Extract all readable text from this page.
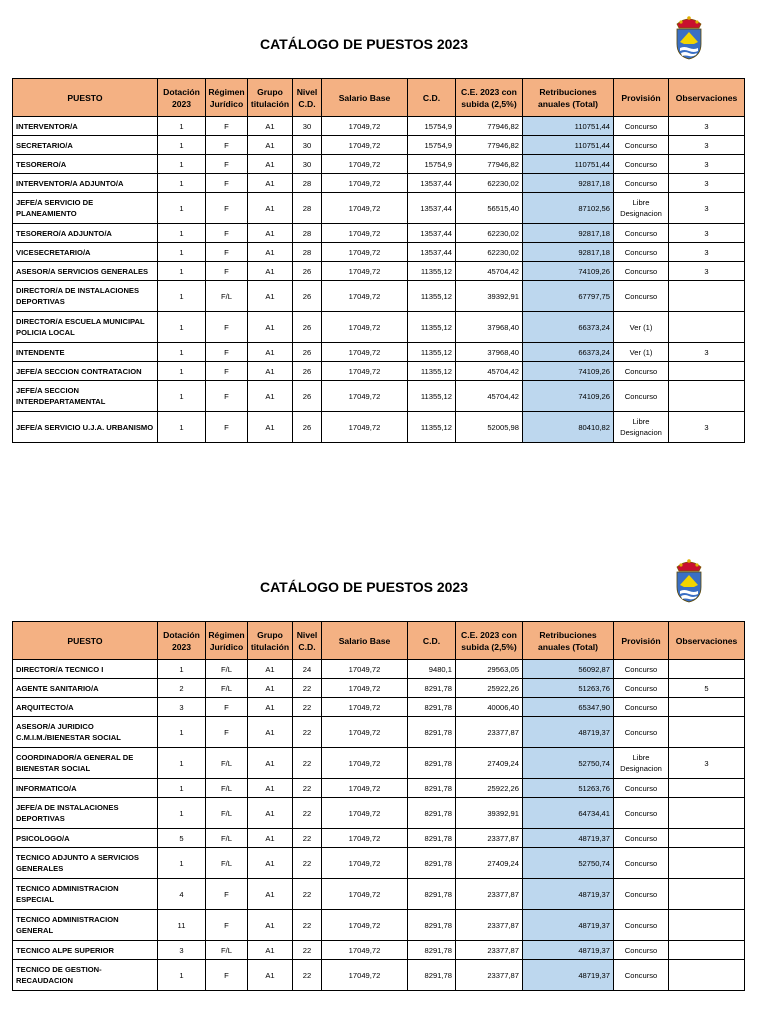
CATÁLOGO DE PUESTOS 2023
PUESTO	Dotación 2023	Régimen Jurídico	Grupo titulación	Nivel C.D.	Salario Base	C.D.	C.E. 2023 con subida (2,5%)	Retribuciones anuales (Total)	Provisión	Observaciones

INTERVENTOR/A	1	F	A1	30	17049,72	15754,9	77946,82	110751,44	Concurso	3

SECRETARIO/A	1	F	A1	30	17049,72	15754,9	77946,82	110751,44	Concurso	3

TESORERO/A	1	F	A1	30	17049,72	15754,9	77946,82	110751,44	Concurso	3

INTERVENTOR/A ADJUNTO/A	1	F	A1	28	17049,72	13537,44	62230,02	92817,18	Concurso	3

JEFE/A SERVICIO DE
PLANEAMIENTO	1	F	A1	28	17049,72	13537,44	56515,40	87102,56	Libre
Designacion	3

TESORERO/A ADJUNTO/A	1	F	A1	28	17049,72	13537,44	62230,02	92817,18	Concurso	3

VICESECRETARIO/A	1	F	A1	28	17049,72	13537,44	62230,02	92817,18	Concurso	3

ASESOR/A SERVICIOS GENERALES	1	F	A1	26	17049,72	11355,12	45704,42	74109,26	Concurso	3

DIRECTOR/A DE INSTALACIONES
DEPORTIVAS	1	F/L	A1	26	17049,72	11355,12	39392,91	67797,75	Concurso	

DIRECTOR/A ESCUELA MUNICIPAL
POLICIA LOCAL	1	F	A1	26	17049,72	11355,12	37968,40	66373,24	Ver (1)	

INTENDENTE	1	F	A1	26	17049,72	11355,12	37968,40	66373,24	Ver (1)	3

JEFE/A SECCION CONTRATACION	1	F	A1	26	17049,72	11355,12	45704,42	74109,26	Concurso	

JEFE/A SECCION
INTERDEPARTAMENTAL	1	F	A1	26	17049,72	11355,12	45704,42	74109,26	Concurso	

JEFE/A SERVICIO U.J.A. URBANISMO	1	F	A1	26	17049,72	11355,12	52005,98	80410,82	Libre
Designacion	3
CATÁLOGO DE PUESTOS 2023
PUESTO	Dotación 2023	Régimen Jurídico	Grupo titulación	Nivel C.D.	Salario Base	C.D.	C.E. 2023 con subida (2,5%)	Retribuciones anuales (Total)	Provisión	Observaciones

DIRECTOR/A TECNICO I	1	F/L	A1	24	17049,72	9480,1	29563,05	56092,87	Concurso	

AGENTE SANITARIO/A	2	F/L	A1	22	17049,72	8291,78	25922,26	51263,76	Concurso	5

ARQUITECTO/A	3	F	A1	22	17049,72	8291,78	40006,40	65347,90	Concurso	

ASESOR/A JURIDICO
C.M.I.M./BIENESTAR SOCIAL	1	F	A1	22	17049,72	8291,78	23377,87	48719,37	Concurso	

COORDINADOR/A GENERAL DE
BIENESTAR SOCIAL	1	F/L	A1	22	17049,72	8291,78	27409,24	52750,74	Libre
Designacion	3

INFORMATICO/A	1	F/L	A1	22	17049,72	8291,78	25922,26	51263,76	Concurso	

JEFE/A DE INSTALACIONES
DEPORTIVAS	1	F/L	A1	22	17049,72	8291,78	39392,91	64734,41	Concurso	

PSICOLOGO/A	5	F/L	A1	22	17049,72	8291,78	23377,87	48719,37	Concurso	

TECNICO ADJUNTO A SERVICIOS
GENERALES	1	F/L	A1	22	17049,72	8291,78	27409,24	52750,74	Concurso	

TECNICO ADMINISTRACION
ESPECIAL	4	F	A1	22	17049,72	8291,78	23377,87	48719,37	Concurso	

TECNICO ADMINISTRACION
GENERAL	11	F	A1	22	17049,72	8291,78	23377,87	48719,37	Concurso	

TECNICO ALPE SUPERIOR	3	F/L	A1	22	17049,72	8291,78	23377,87	48719,37	Concurso	

TECNICO DE GESTION-
RECAUDACION	1	F	A1	22	17049,72	8291,78	23377,87	48719,37	Concurso	
